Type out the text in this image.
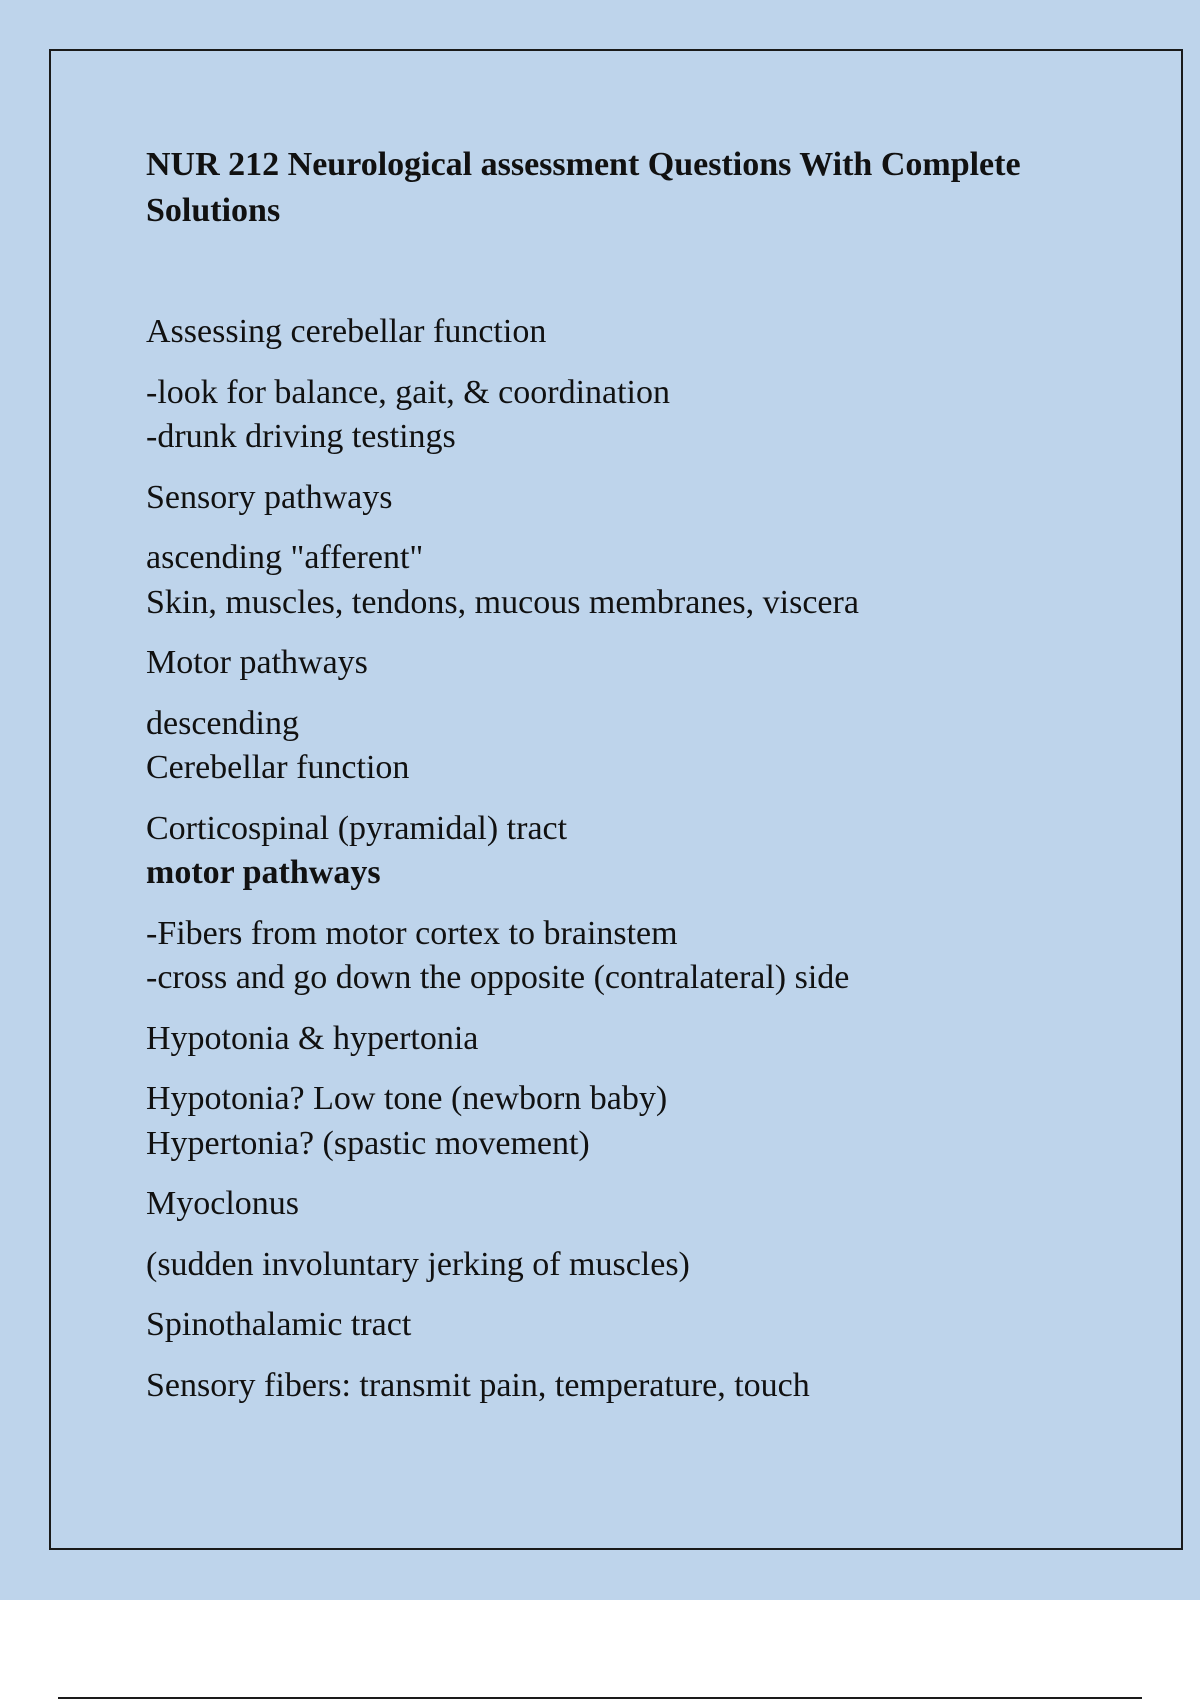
NUR 212 Neurological assessment Questions With Complete Solutions
Assessing cerebellar function
-look for balance, gait, & coordination
-drunk driving testings
Sensory pathways
ascending "afferent"
Skin, muscles, tendons, mucous membranes, viscera
Motor pathways
descending
Cerebellar function
Corticospinal (pyramidal) tract
motor pathways
-Fibers from motor cortex to brainstem
-cross and go down the opposite (contralateral) side
Hypotonia & hypertonia
Hypotonia? Low tone (newborn baby)
Hypertonia? (spastic movement)
Myoclonus
(sudden involuntary jerking of muscles)
Spinothalamic tract
Sensory fibers: transmit pain, temperature, touch
